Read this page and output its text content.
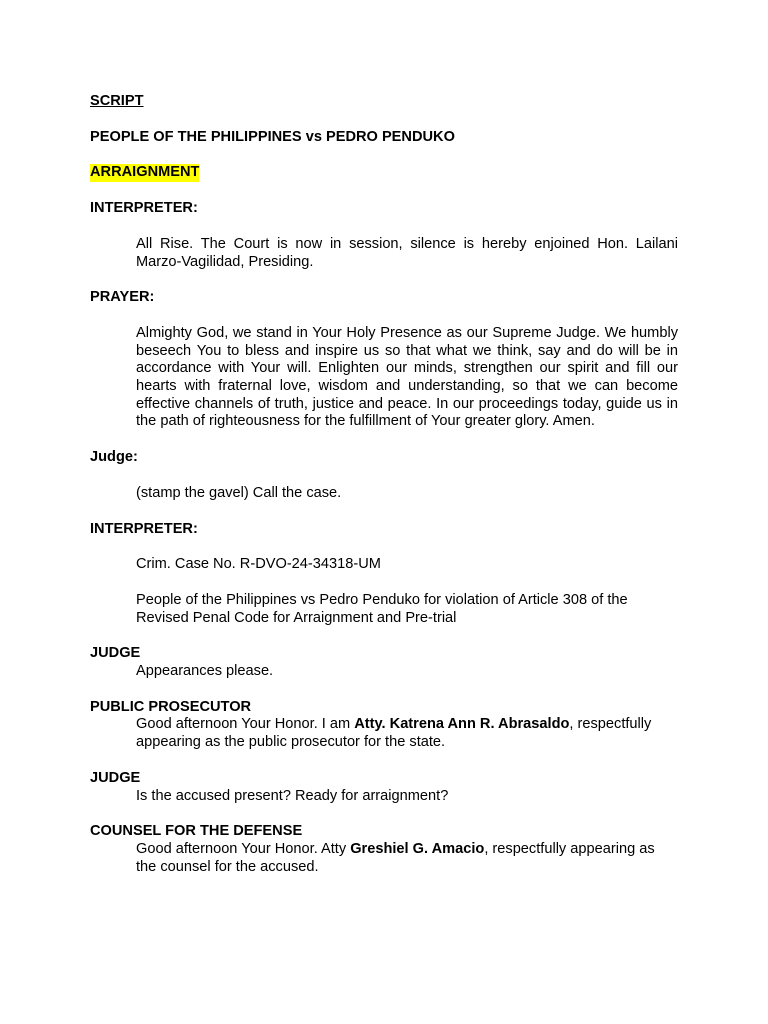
SCRIPT
PEOPLE OF THE PHILIPPINES vs PEDRO PENDUKO
ARRAIGNMENT
INTERPRETER:
All Rise. The Court is now in session, silence is hereby enjoined Hon. Lailani Marzo-Vagilidad, Presiding.
PRAYER:
Almighty God, we stand in Your Holy Presence as our Supreme Judge. We humbly beseech You to bless and inspire us so that what we think, say and do will be in accordance with Your will. Enlighten our minds, strengthen our spirit and fill our hearts with fraternal love, wisdom and understanding, so that we can become effective channels of truth, justice and peace. In our proceedings today, guide us in the path of righteousness for the fulfillment of Your greater glory. Amen.
Judge:
(stamp the gavel) Call the case.
INTERPRETER:
Crim. Case No. R-DVO-24-34318-UM
People of the Philippines vs Pedro Penduko for violation of Article 308 of the Revised Penal Code for Arraignment and Pre-trial
JUDGE
Appearances please.
PUBLIC PROSECUTOR
Good afternoon Your Honor. I am Atty. Katrena Ann R. Abrasaldo, respectfully appearing as the public prosecutor for the state.
JUDGE
Is the accused present? Ready for arraignment?
COUNSEL FOR THE DEFENSE
Good afternoon Your Honor. Atty Greshiel G. Amacio, respectfully appearing as the counsel for the accused.
